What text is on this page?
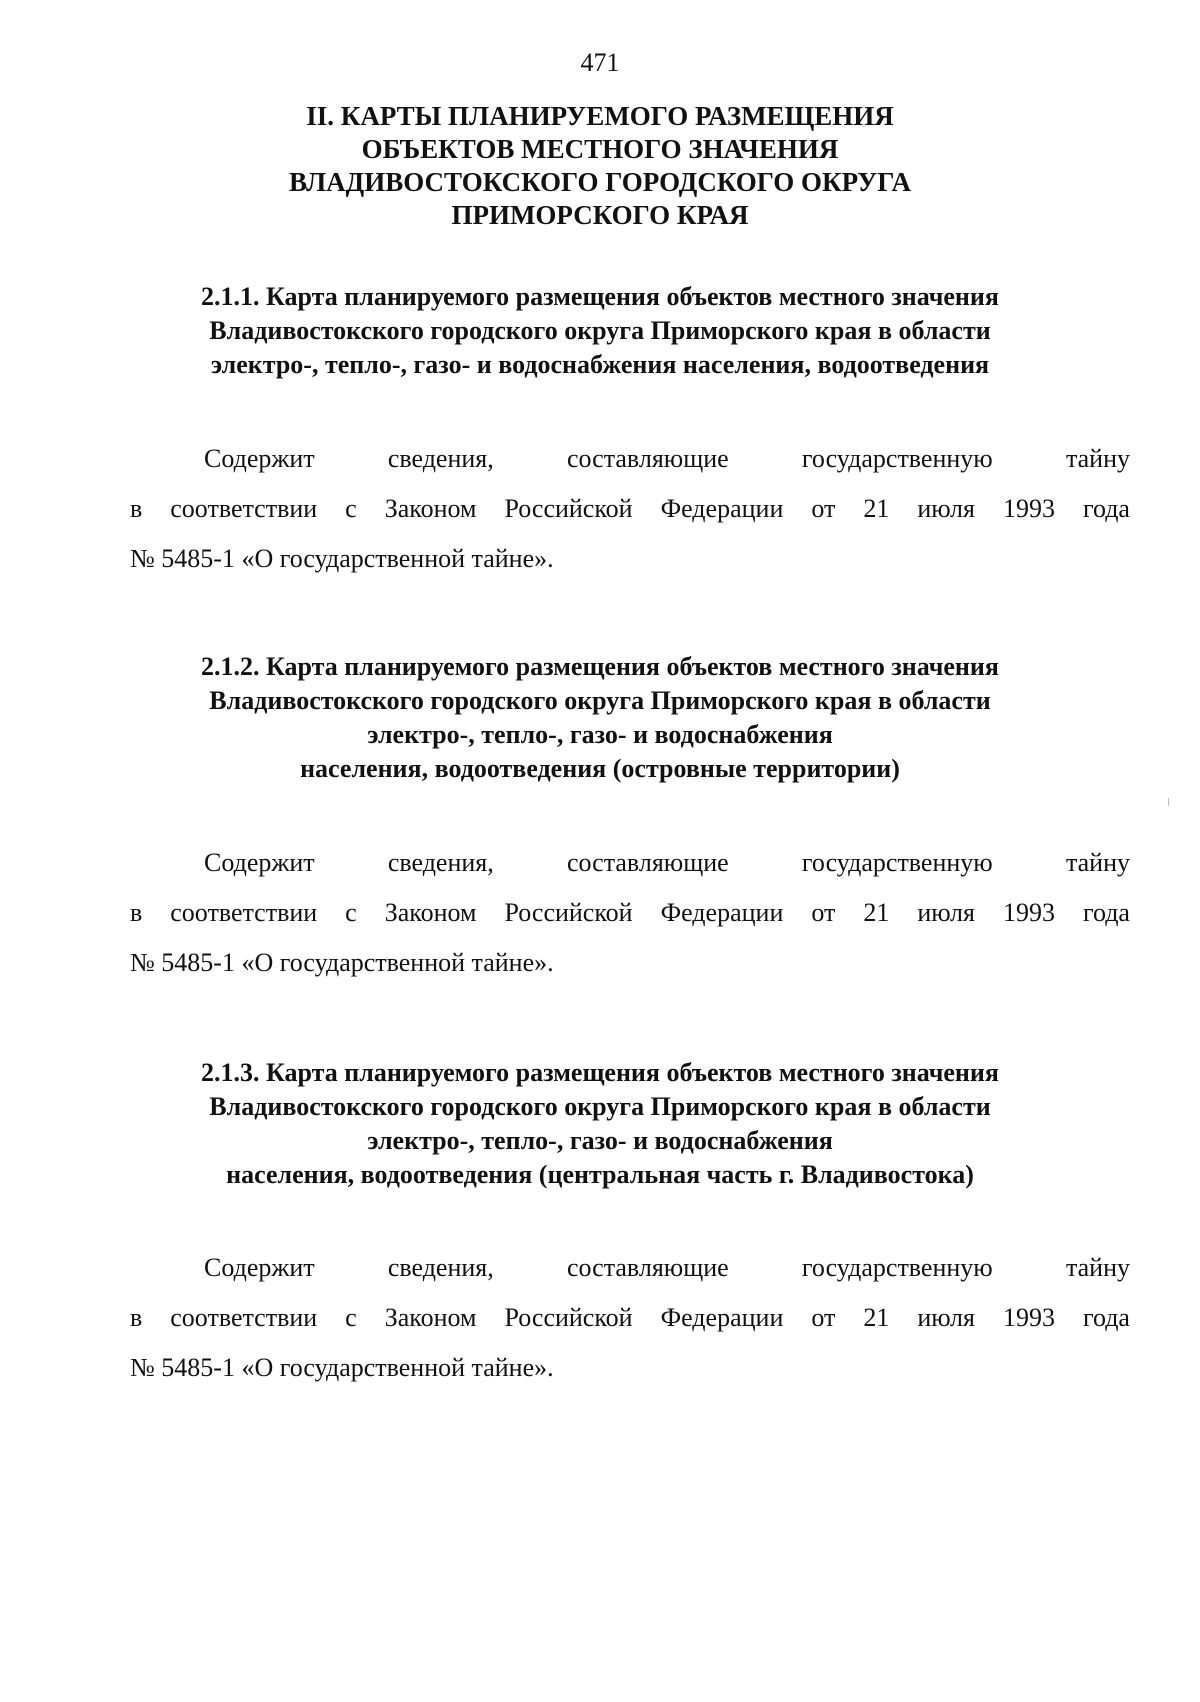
471
II. КАРТЫ ПЛАНИРУЕМОГО РАЗМЕЩЕНИЯ
ОБЪЕКТОВ МЕСТНОГО ЗНАЧЕНИЯ
ВЛАДИВОСТОКСКОГО ГОРОДСКОГО ОКРУГА
ПРИМОРСКОГО КРАЯ
2.1.1. Карта планируемого размещения объектов местного значения
Владивостокского городского округа Приморского края в области
электро-, тепло-, газо- и водоснабжения населения, водоотведения
Содержит	сведения,	составляющие	государственную	тайну
в соответствии с Законом Российской Федерации от 21 июля 1993 года
№ 5485-1 «О государственной тайне».
2.1.2. Карта планируемого размещения объектов местного значения
Владивостокского городского округа Приморского края в области
электро-, тепло-, газо- и водоснабжения
населения, водоотведения (островные территории)
Содержит	сведения,	составляющие	государственную	тайну
в соответствии с Законом Российской Федерации от 21 июля 1993 года
№ 5485-1 «О государственной тайне».
2.1.3. Карта планируемого размещения объектов местного значения
Владивостокского городского округа Приморского края в области
электро-, тепло-, газо- и водоснабжения
населения, водоотведения (центральная часть г. Владивостока)
Содержит	сведения,	составляющие	государственную	тайну
в соответствии с Законом Российской Федерации от 21 июля 1993 года
№ 5485-1 «О государственной тайне».
